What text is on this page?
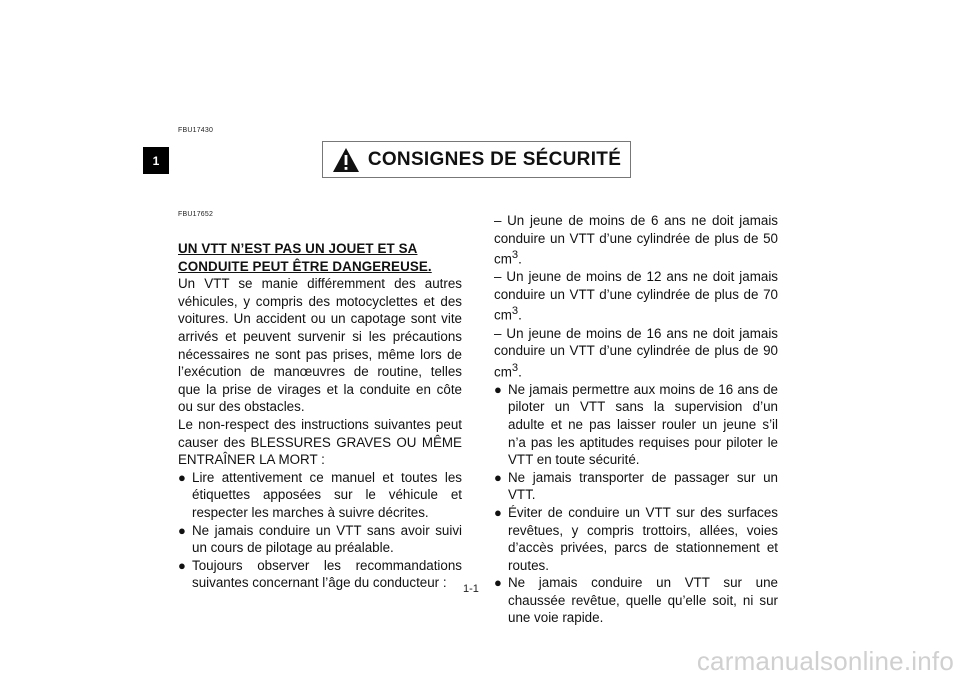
1
FBU17430
CONSIGNES DE SÉCURITÉ
FBU17652

UN VTT N’EST PAS UN JOUET ET SA CONDUITE PEUT ÊTRE DANGEREUSE.

Un VTT se manie différemment des autres véhicules, y compris des motocyclettes et des voitures. Un accident ou un capotage sont vite arrivés et peuvent survenir si les précautions nécessaires ne sont pas prises, même lors de l’exécution de manœuvres de routine, telles que la prise de virages et la conduite en côte ou sur des obstacles.

Le non-respect des instructions suivantes peut causer des BLESSURES GRAVES OU MÊME ENTRAÎNER LA MORT :

● Lire attentivement ce manuel et toutes les étiquettes apposées sur le véhicule et respecter les marches à suivre décrites.
● Ne jamais conduire un VTT sans avoir suivi un cours de pilotage au préalable.
● Toujours observer les recommandations suivantes concernant l’âge du conducteur :

– Un jeune de moins de 6 ans ne doit jamais conduire un VTT d’une cylindrée de plus de 50 $cm^3$.

– Un jeune de moins de 12 ans ne doit jamais conduire un VTT d’une cylindrée de plus de 70 $cm^3$.

– Un jeune de moins de 16 ans ne doit jamais conduire un VTT d’une cylindrée de plus de 90 $cm^3$.

● Ne jamais permettre aux moins de 16 ans de piloter un VTT sans la supervision d’un adulte et ne pas laisser rouler un jeune s’il n’a pas les aptitudes requises pour piloter le VTT en toute sécurité.
● Ne jamais transporter de passager sur un VTT.
● Éviter de conduire un VTT sur des surfaces revêtues, y compris trottoirs, allées, voies d’accès privées, parcs de stationnement et routes.
● Ne jamais conduire un VTT sur une chaussée revêtue, quelle qu’elle soit, ni sur une voie rapide.
1-1
carmanualsonline.info
